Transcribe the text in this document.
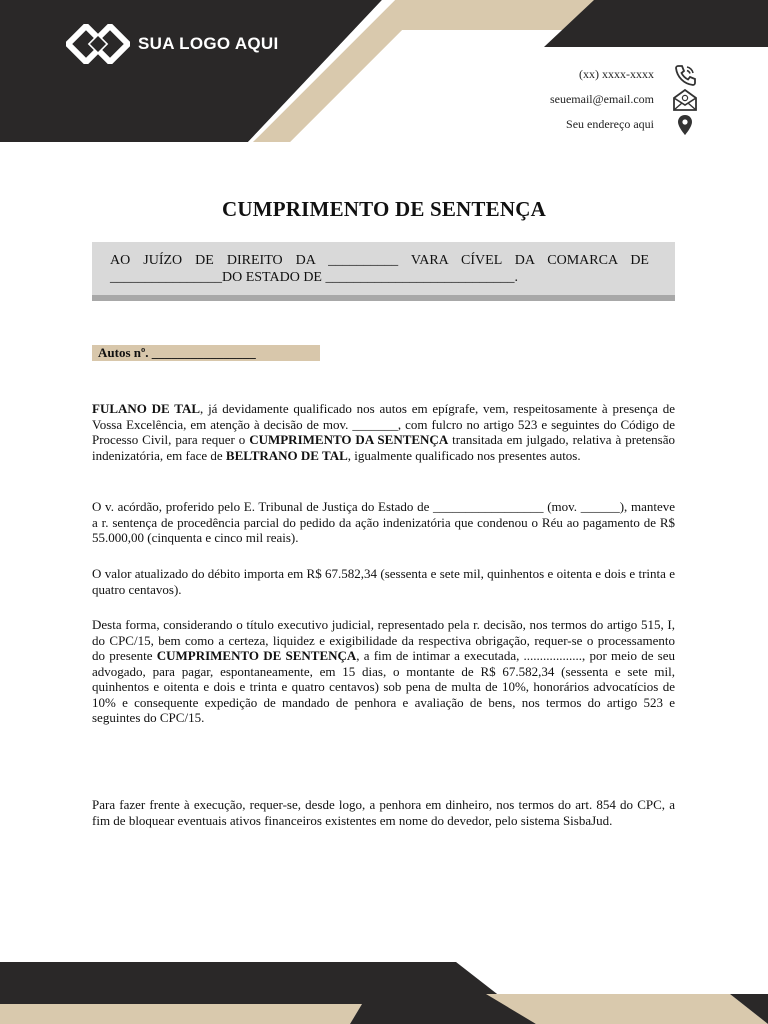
SUA LOGO AQUI
(xx) xxxx-xxxx
seuemail@email.com
Seu endereço aqui
CUMPRIMENTO DE SENTENÇA
AO JUÍZO DE DIREITO DA __________ VARA CÍVEL DA COMARCA DE ________________DO ESTADO DE ___________________________.
Autos nº. ________________

FULANO DE TAL, já devidamente qualificado nos autos em epígrafe, vem, respeitosamente à presença de Vossa Excelência, em atenção à decisão de mov. _______, com fulcro no artigo 523 e seguintes do Código de Processo Civil, para requer o CUMPRIMENTO DA SENTENÇA transitada em julgado, relativa à pretensão indenizatória, em face de BELTRANO DE TAL, igualmente qualificado nos presentes autos.

O v. acórdão, proferido pelo E. Tribunal de Justiça do Estado de _________________ (mov. ______), manteve a r. sentença de procedência parcial do pedido da ação indenizatória que condenou o Réu ao pagamento de R$ 55.000,00 (cinquenta e cinco mil reais).

O valor atualizado do débito importa em R$ 67.582,34 (sessenta e sete mil, quinhentos e oitenta e dois e trinta e quatro centavos).

Desta forma, considerando o título executivo judicial, representado pela r. decisão, nos termos do artigo 515, I, do CPC/15, bem como a certeza, liquidez e exigibilidade da respectiva obrigação, requer-se o processamento do presente CUMPRIMENTO DE SENTENÇA, a fim de intimar a executada, .................., por meio de seu advogado, para pagar, espontaneamente, em 15 dias, o montante de R$ 67.582,34 (sessenta e sete mil, quinhentos e oitenta e dois e trinta e quatro centavos) sob pena de multa de 10%, honorários advocatícios de 10% e consequente expedição de mandado de penhora e avaliação de bens, nos termos do artigo 523 e seguintes do CPC/15.

Para fazer frente à execução, requer-se, desde logo, a penhora em dinheiro, nos termos do art. 854 do CPC, a fim de bloquear eventuais ativos financeiros existentes em nome do devedor, pelo sistema SisbaJud.
